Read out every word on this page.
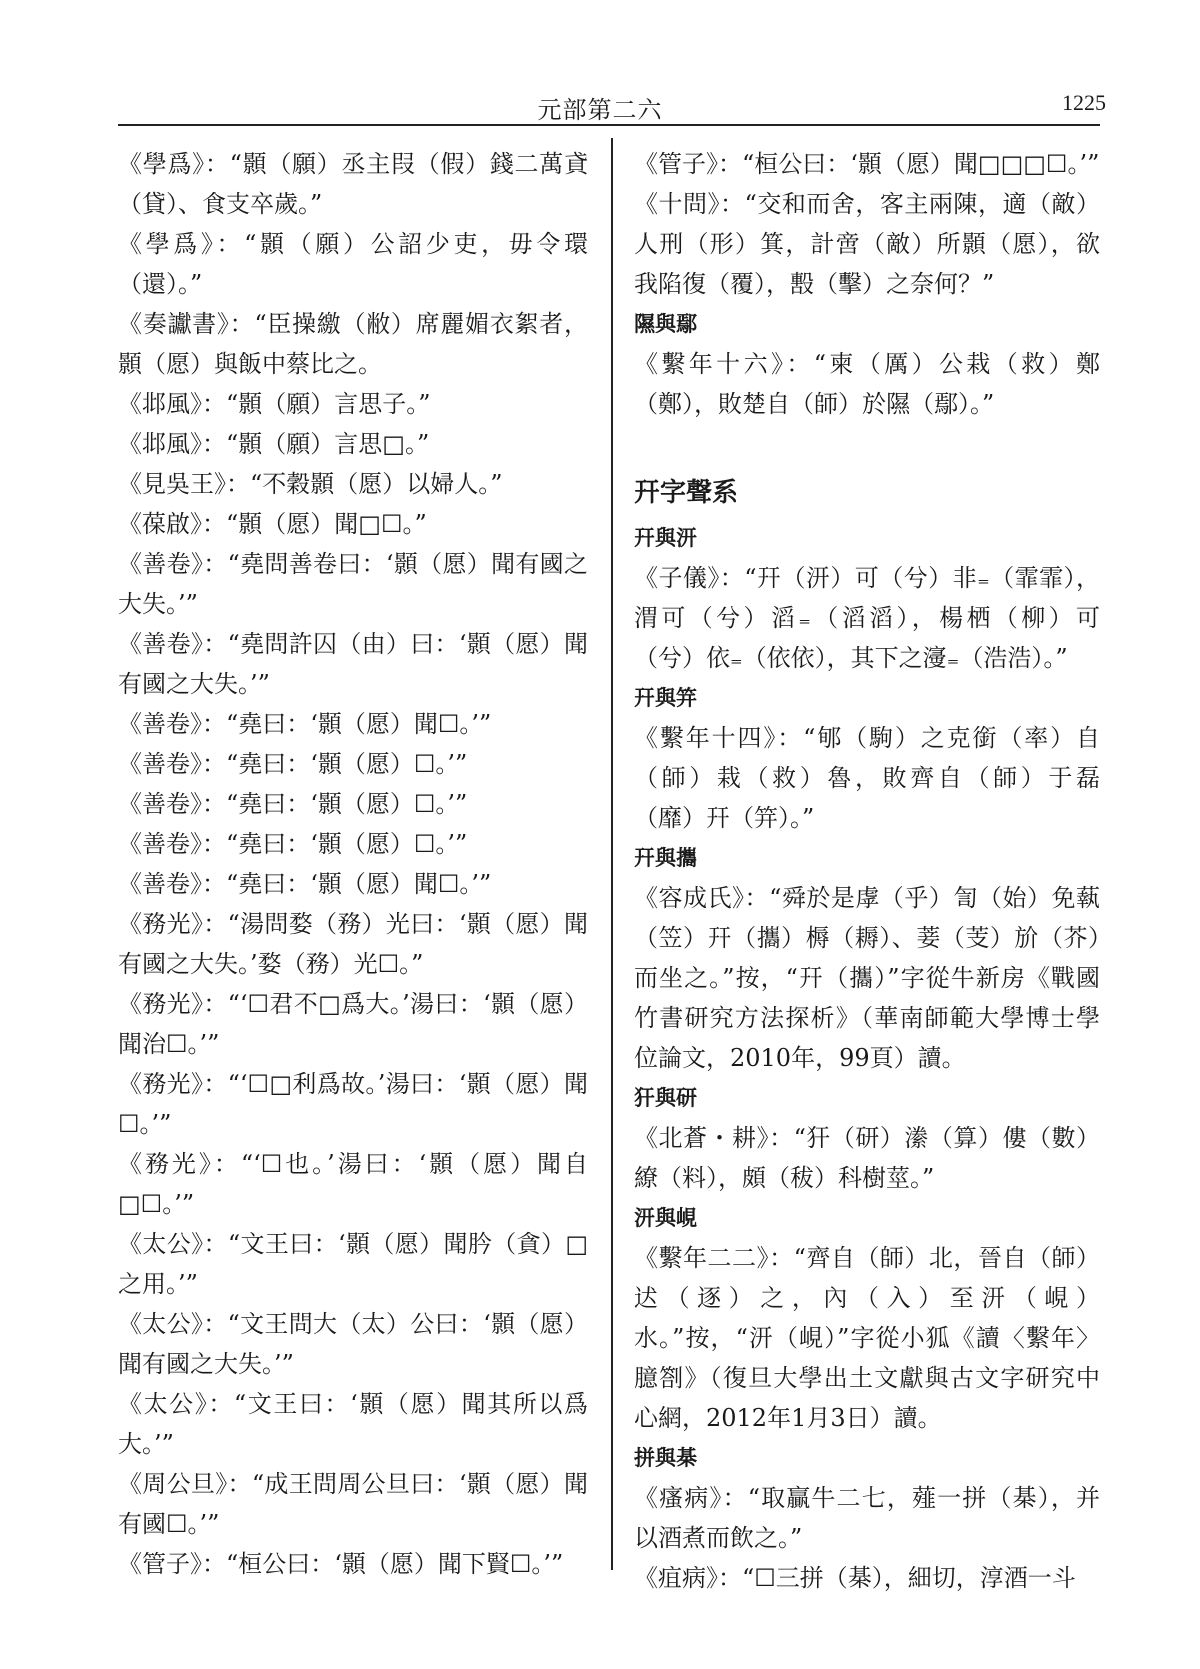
元部第二六	1225

《學爲》：“顥（願）丞主叚（假）錢二萬貣（貸）、食支卒歲。”

《學爲》：“顥（願）公詔少吏，毋令環（還）。”

《奏讞書》：“臣操繳（敝）席麗媚衣絮者，顥（愿）與飯中蔡比之。

《邶風》：“顥（願）言思子。”

《邶風》：“顥（願）言思□。”

《見吳王》：“不穀顥（愿）以婦人。”

《葆啟》：“顥（愿）聞□☐。”

《善卷》：“堯問善卷曰：‘顥（愿）聞有國之大失。’”

《善卷》：“堯問許囚（由）曰：‘顥（愿）聞有國之大失。’”

《善卷》：“堯曰：‘顥（愿）聞☐。’”

《善卷》：“堯曰：‘顥（愿）☐。’”

《善卷》：“堯曰：‘顥（愿）☐。’”

《善卷》：“堯曰：‘顥（愿）☐。’”

《善卷》：“堯曰：‘顥（愿）聞☐。’”

《務光》：“湯問婺（務）光曰：‘顥（愿）聞有國之大失。’婺（務）光☐。”

《務光》：“‘☐君不□爲大。’湯曰：‘顥（愿）聞治☐。’”

《務光》：“‘☐□利爲故。’湯曰：‘顥（愿）聞☐。’”

《務光》：“‘☐也。’湯曰：‘顥（愿）聞自□☐。’”

《太公》：“文王曰：‘顥（愿）聞肣（貪）□之用。’”

《太公》：“文王問大（太）公曰：‘顥（愿）聞有國之大失。’”

《太公》：“文王曰：‘顥（愿）聞其所以爲大。’”

《周公旦》：“成王問周公旦曰：‘顥（愿）聞有國☐。’”

《管子》：“桓公曰：‘顥（愿）聞下賢☐。’”

《管子》：“桓公曰：‘顥（愿）聞□□□☐。’”

《十問》：“交和而舍，客主兩陳，適（敵）人刑（形）箕，計啻（敵）所顥（愿），欲我陷復（覆），毄（擊）之奈何？”

隰與鄢

《繫年十六》：“柬（厲）公栽（救）鄭（鄭），敗楚自（師）於隰（鄢）。”

幵字聲系

幵與汧

《子儀》：“幵（汧）可（兮）非₌（霏霏），渭可（兮）滔₌（滔滔），楊栖（柳）可（兮）依₌（依依），其下之濅₌（浩浩）。”

幵與笄

《繫年十四》：“郇（駒）之克銜（率）自（師）栽（救）魯，敗齊自（師）于磊（靡）幵（笄）。”

幵與攜

《容成氏》：“舜於是虖（乎）訇（始）免蓻（笠）幵（攜）槈（耨）、菨（芰）斺（芥）而坐之。”按，“幵（攜）”字從牛新房《戰國竹書研究方法探析》（華南師範大學博士學位論文，2010年，99頁）讀。

犴與研

《北蒼・耕》：“犴（研）潫（算）僂（數）繚（料），頗（秡）科樹莖。”

汧與峴

《繫年二二》：“齊自（師）北，晉自（師）迖（逐）之，內（入）至汧（峴）水。”按，“汧（峴）”字從小狐《讀〈繫年〉臆劄》（復旦大學出土文獻與古文字研究中心網，2012年1月3日）讀。

拼與棊

《瘙病》：“取贏牛二七，薤一拼（棊），并以酒煮而飲之。”

《疽病》：“☐三拼（棊），細切，淳酒一斗
